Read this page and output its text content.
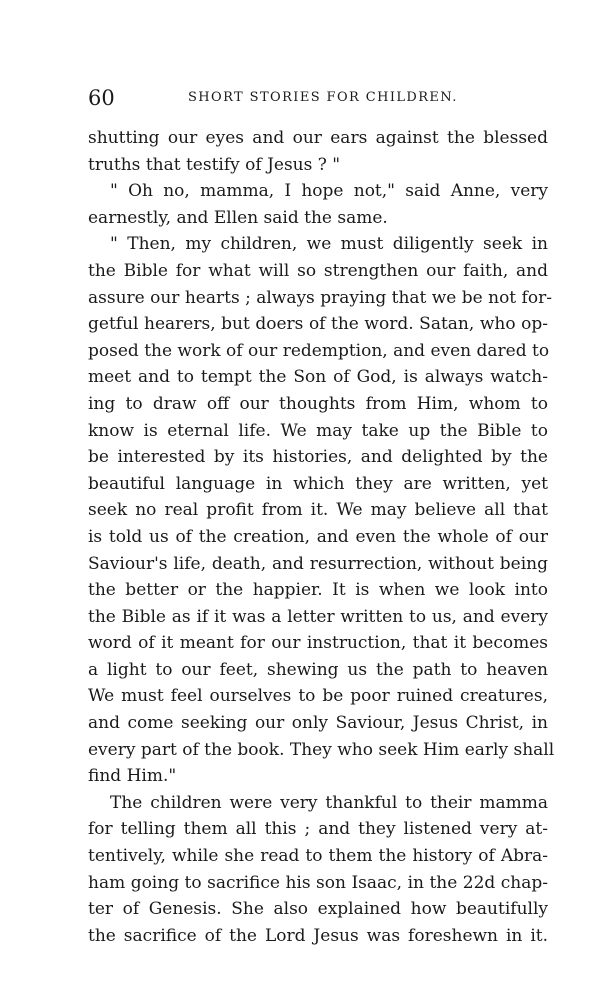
60	SHORT STORIES FOR CHILDREN.
shutting our eyes and our ears against the blessed
truths that testify of Jesus ? "
" Oh no, mamma, I hope not," said Anne, very
earnestly, and Ellen said the same.
" Then, my children, we must diligently seek in
the Bible for what will so strengthen our faith, and
assure our hearts ; always praying that we be not for-
getful hearers, but doers of the word. Satan, who op-
posed the work of our redemption, and even dared to
meet and to tempt the Son of God, is always watch-
ing to draw off our thoughts from Him, whom to
know is eternal life. We may take up the Bible to
be interested by its histories, and delighted by the
beautiful language in which they are written, yet
seek no real profit from it. We may believe all that
is told us of the creation, and even the whole of our
Saviour's life, death, and resurrection, without being
the better or the happier. It is when we look into
the Bible as if it was a letter written to us, and every
word of it meant for our instruction, that it becomes
a light to our feet, shewing us the path to heaven
We must feel ourselves to be poor ruined creatures,
and come seeking our only Saviour, Jesus Christ, in
every part of the book. They who seek Him early shall
find Him."
The children were very thankful to their mamma
for telling them all this ; and they listened very at-
tentively, while she read to them the history of Abra-
ham going to sacrifice his son Isaac, in the 22d chap-
ter of Genesis. She also explained how beautifully
the sacrifice of the Lord Jesus was foreshewn in it.
